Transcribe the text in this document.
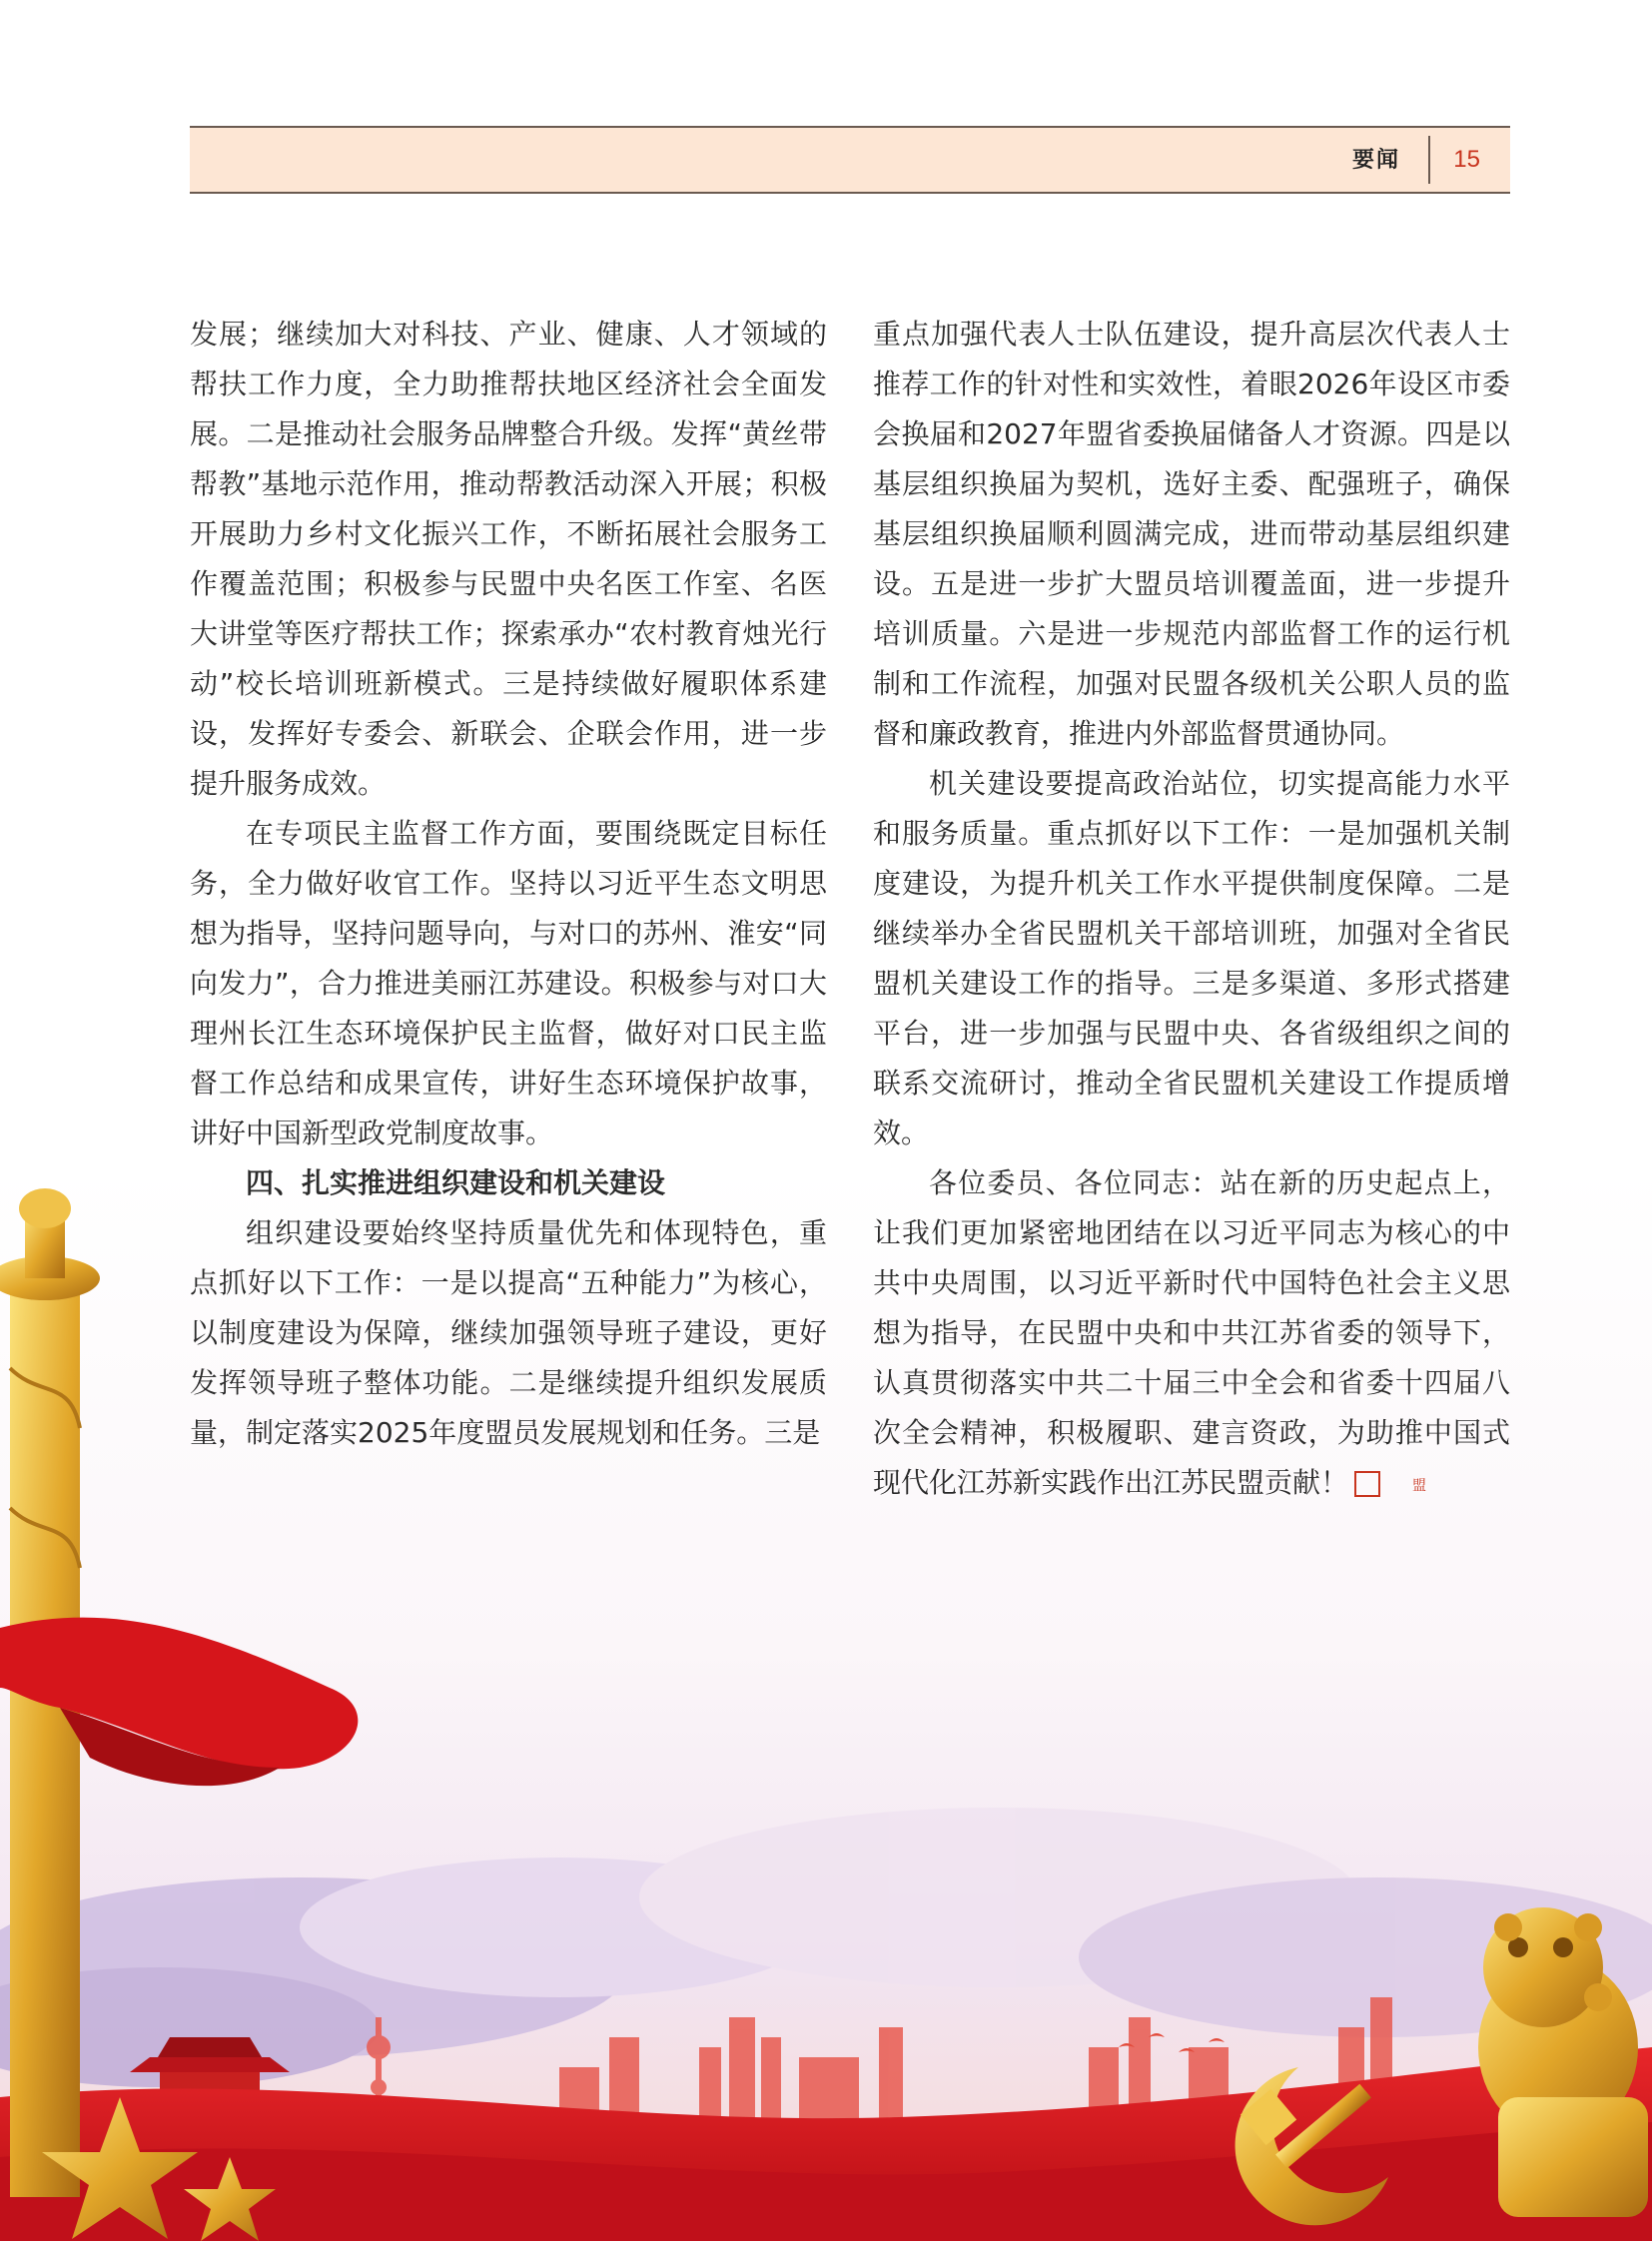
要闻 15

发展；继续加大对科技、产业、健康、人才领域的帮扶工作力度，全力助推帮扶地区经济社会全面发展。二是推动社会服务品牌整合升级。发挥“黄丝带帮教”基地示范作用，推动帮教活动深入开展；积极开展助力乡村文化振兴工作，不断拓展社会服务工作覆盖范围；积极参与民盟中央名医工作室、名医大讲堂等医疗帮扶工作；探索承办“农村教育烛光行动”校长培训班新模式。三是持续做好履职体系建设，发挥好专委会、新联会、企联会作用，进一步提升服务成效。

在专项民主监督工作方面，要围绕既定目标任务，全力做好收官工作。坚持以习近平生态文明思想为指导，坚持问题导向，与对口的苏州、淮安“同向发力”，合力推进美丽江苏建设。积极参与对口大理州长江生态环境保护民主监督，做好对口民主监督工作总结和成果宣传，讲好生态环境保护故事，讲好中国新型政党制度故事。

四、扎实推进组织建设和机关建设

组织建设要始终坚持质量优先和体现特色，重点抓好以下工作：一是以提高“五种能力”为核心，以制度建设为保障，继续加强领导班子建设，更好发挥领导班子整体功能。二是继续提升组织发展质量，制定落实2025年度盟员发展规划和任务。三是

重点加强代表人士队伍建设，提升高层次代表人士推荐工作的针对性和实效性，着眼2026年设区市委会换届和2027年盟省委换届储备人才资源。四是以基层组织换届为契机，选好主委、配强班子，确保基层组织换届顺利圆满完成，进而带动基层组织建设。五是进一步扩大盟员培训覆盖面，进一步提升培训质量。六是进一步规范内部监督工作的运行机制和工作流程，加强对民盟各级机关公职人员的监督和廉政教育，推进内外部监督贯通协同。

机关建设要提高政治站位，切实提高能力水平和服务质量。重点抓好以下工作：一是加强机关制度建设，为提升机关工作水平提供制度保障。二是继续举办全省民盟机关干部培训班，加强对全省民盟机关建设工作的指导。三是多渠道、多形式搭建平台，进一步加强与民盟中央、各省级组织之间的联系交流研讨，推动全省民盟机关建设工作提质增效。

各位委员、各位同志：站在新的历史起点上，让我们更加紧密地团结在以习近平同志为核心的中共中央周围，以习近平新时代中国特色社会主义思想为指导，在民盟中央和中共江苏省委的领导下，认真贯彻落实中共二十届三中全会和省委十四届八次全会精神，积极履职、建言资政，为助推中国式现代化江苏新实践作出江苏民盟贡献！	盟
